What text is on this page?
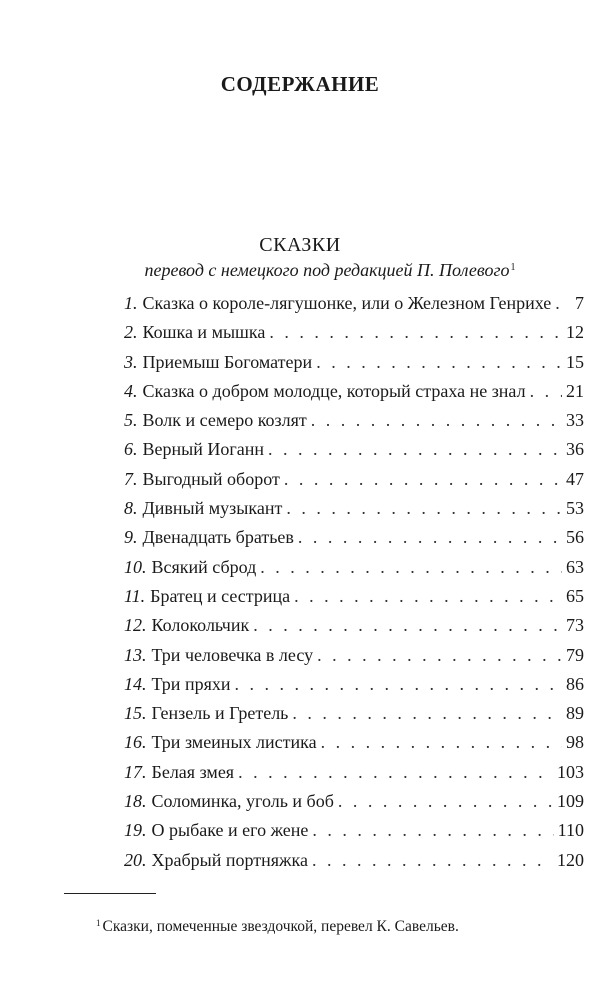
СОДЕРЖАНИЕ
СКАЗКИ
перевод с немецкого под редакцией П. Полевого$^1$
1. Сказка о короле-лягушонке, или о Железном Генрихе . . . 7
2. Кошка и мышка . . .	12
3. Приемыш Богоматери . . .	15
4. Сказка о добром молодце, который страха не знал . . . 21
5. Волк и семеро козлят . . .	33
6. Верный Иоганн . . .	36
7. Выгодный оборот . . .	47
8. Дивный музыкант . . .	53
9. Двенадцать братьев . . .	56
10. Всякий сброд . . .	63
11. Братец и сестрица . . .	65
12. Колокольчик . . .	73
13. Три человечка в лесу . . .	79
14. Три пряхи . . .	86
15. Гензель и Гретель . . .	89
16. Три змеиных листика . . .	98
17. Белая змея . . .	103
18. Соломинка, уголь и боб . . .	109
19. О рыбаке и его жене . . .	110
20. Храбрый портняжка . . .	120
$^1$ Сказки, помеченные звездочкой, перевел К. Савельев.
